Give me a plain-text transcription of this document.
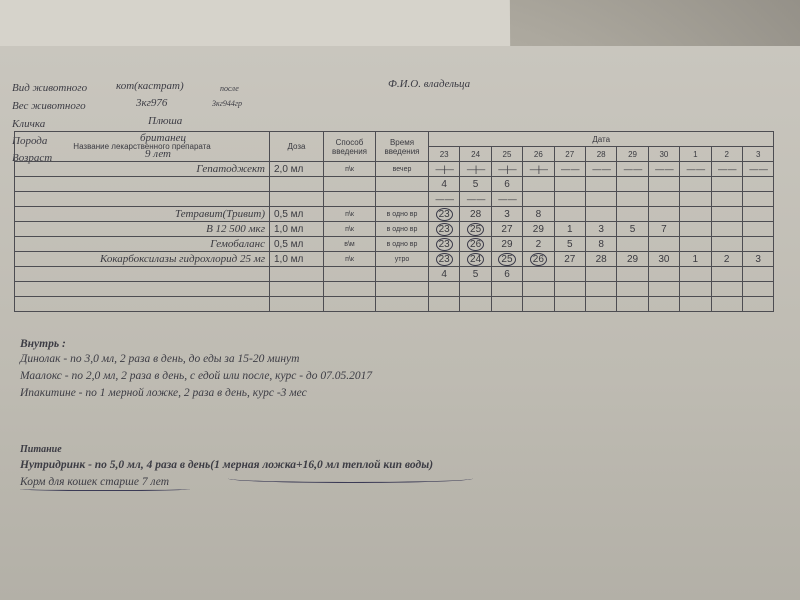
Вид животного	кот(кастрат)	после	Ф.И.О. владельца
Вес животного	3кг976	3кг944гр
Кличка	Плюша
Порода	британец
Возраст	9 лет
Внутрь :
Динолак - по 3,0 мл, 2 раза в день, до еды за 15-20 минут
Маалокс - по 2,0 мл, 2 раза в день, с едой или после, курс - до 07.05.2017
Ипакитине - по 1 мерной ложке, 2 раза в день, курс -3 мес
Питание
Нутридринк - по 5,0 мл, 4 раза в день(1 мерная ложка+16,0 мл теплой кип воды)
Корм для кошек старше 7 лет
Название лекарственного препарата	Доза	Способ введения	Время введения	Дата										
				23	24	25	26	27	28	29	30	1	2	3
Гепатоджект	2,0 мл	п\к	вечер	—|—	—|—	—|—	—|—	— —	— —	— —	— —	— —	— —	— —
				4	5	6								
				— —	— —	— —								
Тетравит(Тривит)	0,5 мл	п\к	в одно вр	23	28	3	8							
B 12 500 мкг	1,0 мл	п\к	в одно вр	23	25	27	29	1	3	5	7			
Гемобаланс	0,5 мл	в\м	в одно вр	23	26	29	2	5	8					
Кокарбоксилазы гидрохлорид 25 мг	1,0 мл	п\к	утро	23	24	25	26	27	28	29	30	1	2	3
				4	5	6								
